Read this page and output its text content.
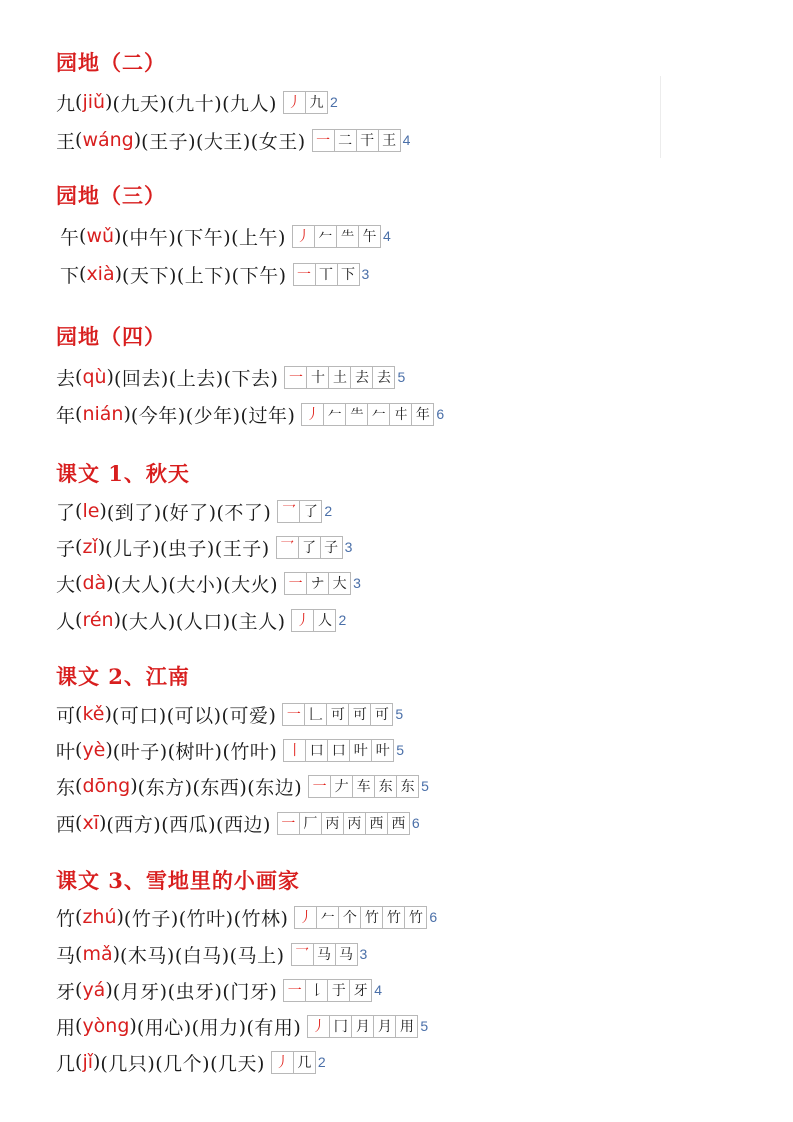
园地（二）
九 ( jiǔ ) (九天)(九十)(九人) 丿 九 2
王 ( wáng ) (王子)(大王)(女王) 一 二 干 王 4
园地（三）
午 ( wǔ ) (中午)(下午)(上午) 丿 𠂉 ⺧ 午 4
下 ( xià ) (天下)(上下)(下午) 一 丅 下 3
园地（四）
去 ( qù ) (回去)(上去)(下去) 一 十 土 去 去 5
年 ( nián ) (今年)(少年)(过年) 丿 𠂉 ⺧ 𠂉 㐄 年 6
课文 1、秋天
了 ( le ) (到了)(好了)(不了) 乛 了 2
子 ( zǐ ) (儿子)(虫子)(王子) 乛 了 子 3
大 ( dà ) (大人)(大小)(大火) 一 ナ 大 3
人 ( rén ) (大人)(人口)(主人) 丿 人 2
课文 2、江南
可 ( kě ) (可口)(可以)(可爱) 一 𠃊 可 可 可 5
叶 ( yè ) (叶子)(树叶)(竹叶) 丨 口 口 叶 叶 5
东 ( dōng ) (东方)(东西)(东边) 一 𠂇 车 东 东 5
西 ( xī ) (西方)(西瓜)(西边) 一 厂 丙 丙 西 西 6
课文 3、雪地里的小画家
竹 ( zhú ) (竹子)(竹叶)(竹林) 丿 𠂉 个 竹 竹 竹 6
马 ( mǎ ) (木马)(白马)(马上) 乛 马 马 3
牙 ( yá ) (月牙)(虫牙)(门牙) 一 𠄌 于 牙 4
用 ( yòng ) (用心)(用力)(有用) 丿 冂 月 月 用 5
几 ( jǐ ) (几只)(几个)(几天) 丿 几 2
